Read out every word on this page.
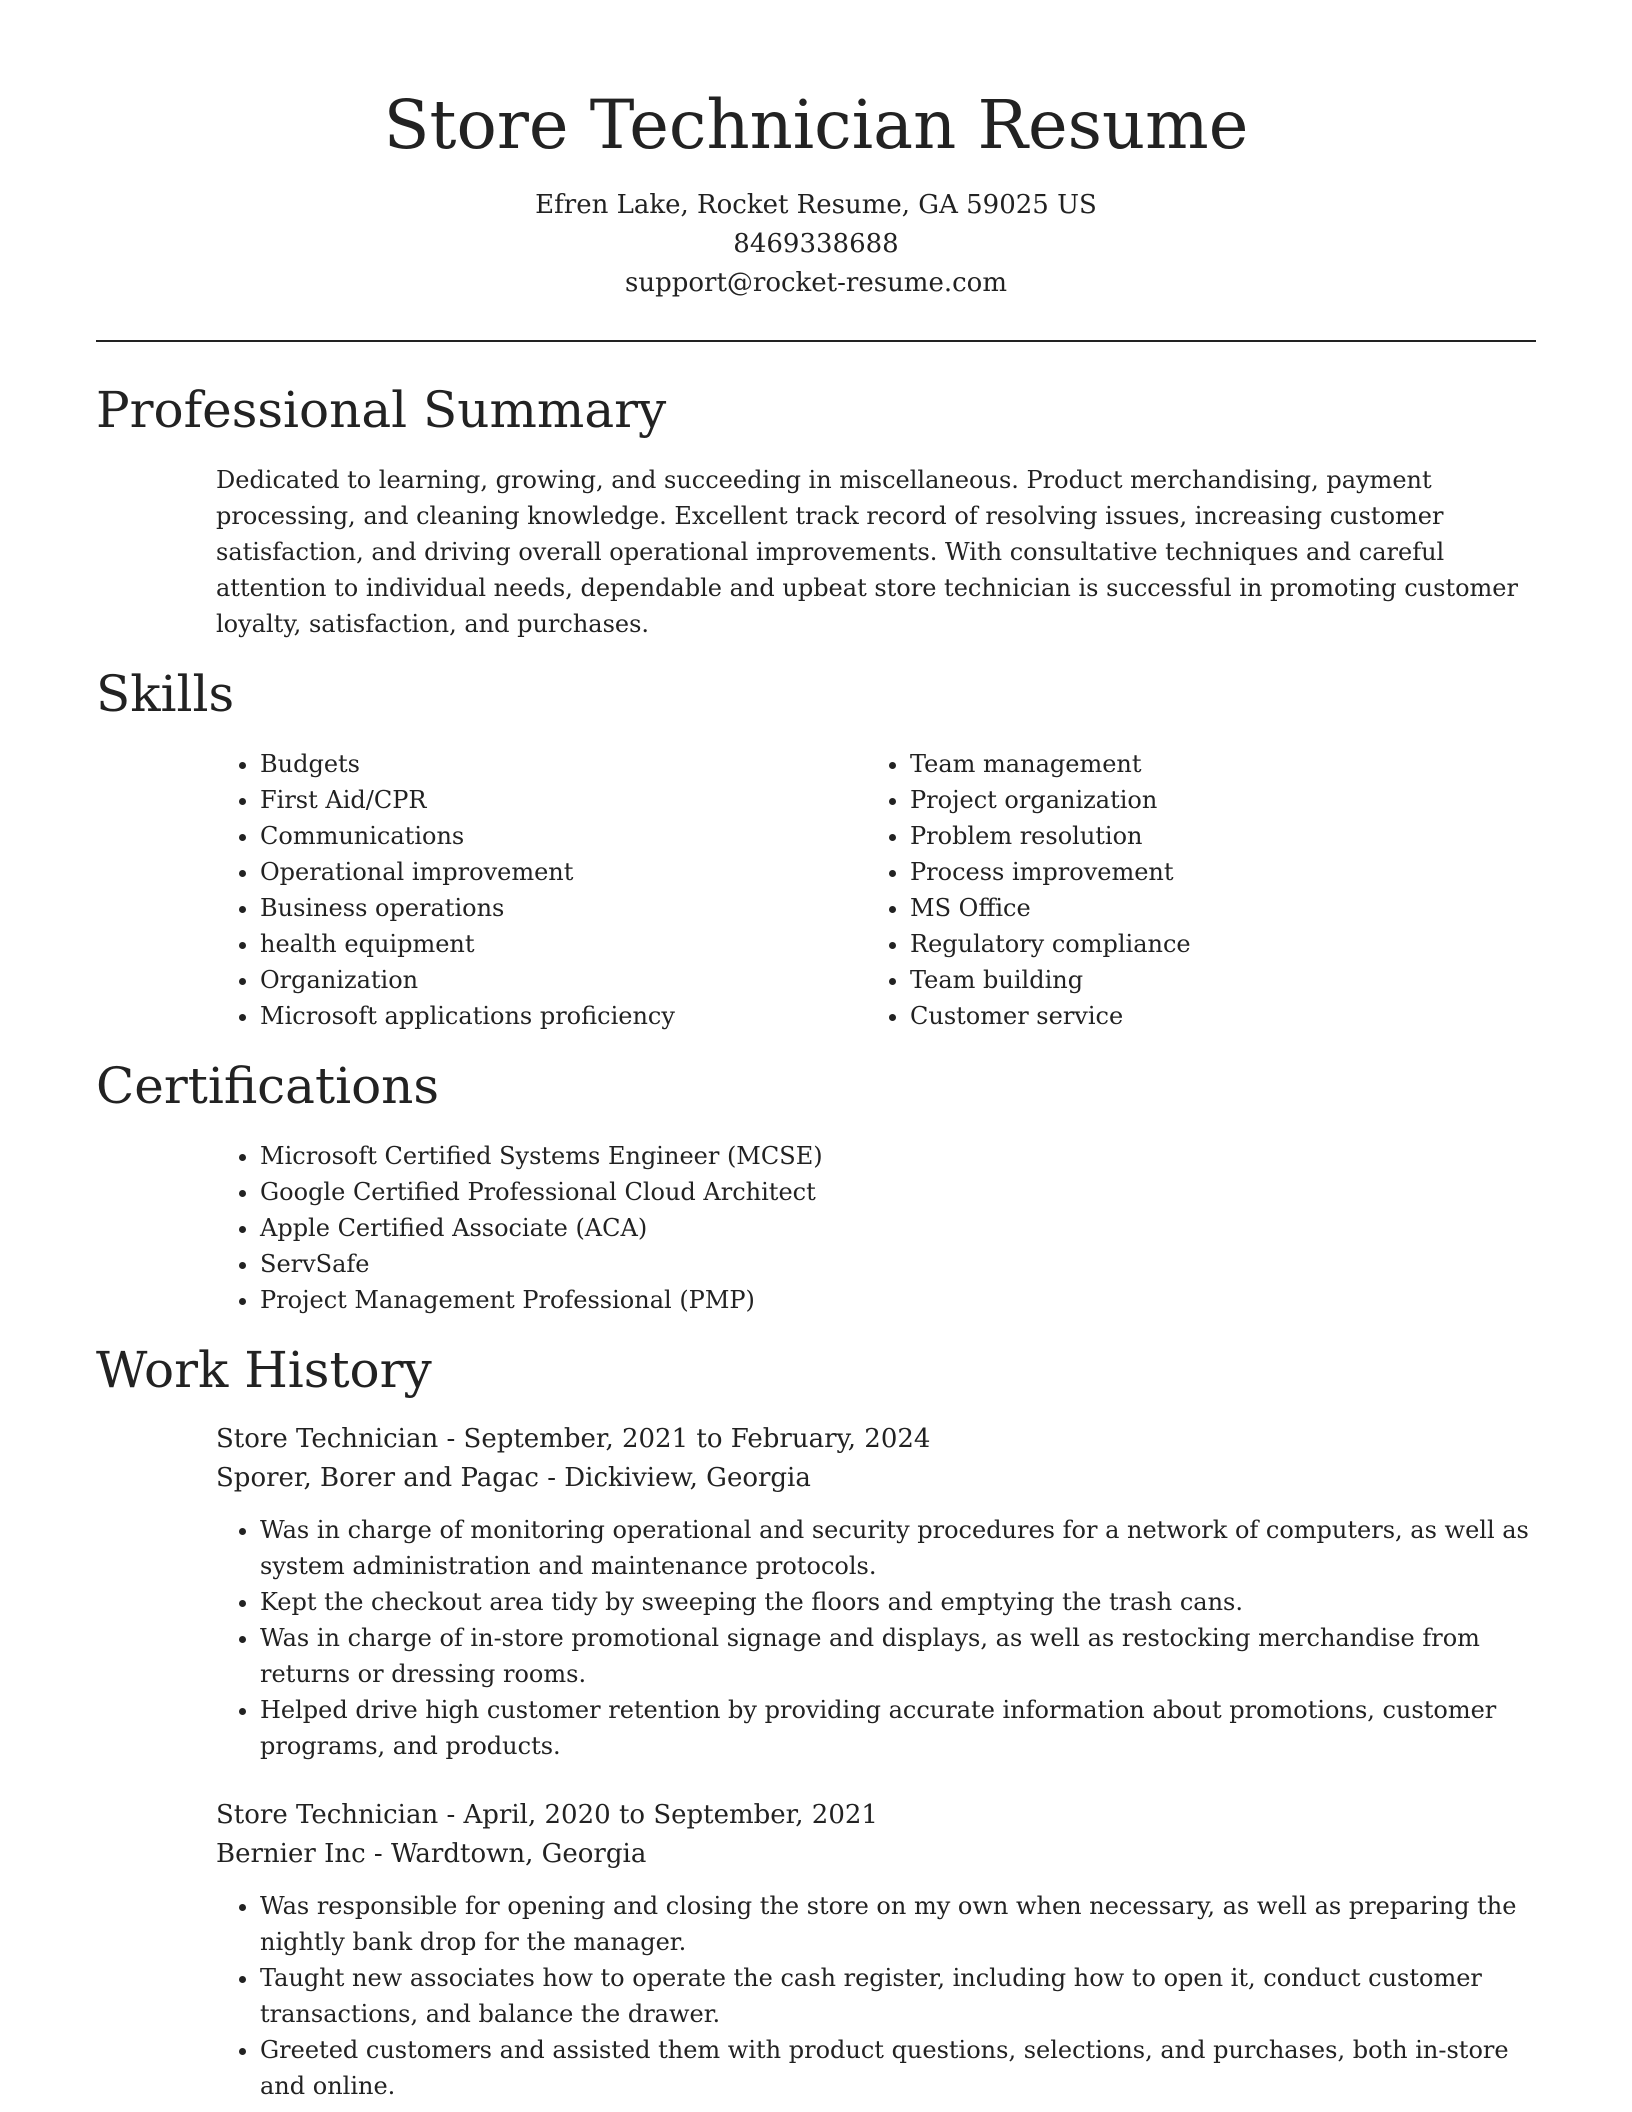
Store Technician Resume
Efren Lake, Rocket Resume, GA 59025 US
8469338688
support@rocket-resume.com
Professional Summary
Dedicated to learning, growing, and succeeding in miscellaneous. Product merchandising, payment processing, and cleaning knowledge. Excellent track record of resolving issues, increasing customer satisfaction, and driving overall operational improvements. With consultative techniques and careful attention to individual needs, dependable and upbeat store technician is successful in promoting customer loyalty, satisfaction, and purchases.
Skills
• Budgets
• First Aid/CPR
• Communications
• Operational improvement
• Business operations
• health equipment
• Organization
• Microsoft applications proficiency
• Team management
• Project organization
• Problem resolution
• Process improvement
• MS Office
• Regulatory compliance
• Team building
• Customer service
Certifications
• Microsoft Certified Systems Engineer (MCSE)
• Google Certified Professional Cloud Architect
• Apple Certified Associate (ACA)
• ServSafe
• Project Management Professional (PMP)
Work History
Store Technician - September, 2021 to February, 2024
Sporer, Borer and Pagac - Dickiview, Georgia
• Was in charge of monitoring operational and security procedures for a network of computers, as well as system administration and maintenance protocols.
• Kept the checkout area tidy by sweeping the floors and emptying the trash cans.
• Was in charge of in-store promotional signage and displays, as well as restocking merchandise from returns or dressing rooms.
• Helped drive high customer retention by providing accurate information about promotions, customer programs, and products.
Store Technician - April, 2020 to September, 2021
Bernier Inc - Wardtown, Georgia
• Was responsible for opening and closing the store on my own when necessary, as well as preparing the nightly bank drop for the manager.
• Taught new associates how to operate the cash register, including how to open it, conduct customer transactions, and balance the drawer.
• Greeted customers and assisted them with product questions, selections, and purchases, both in-store and online.
